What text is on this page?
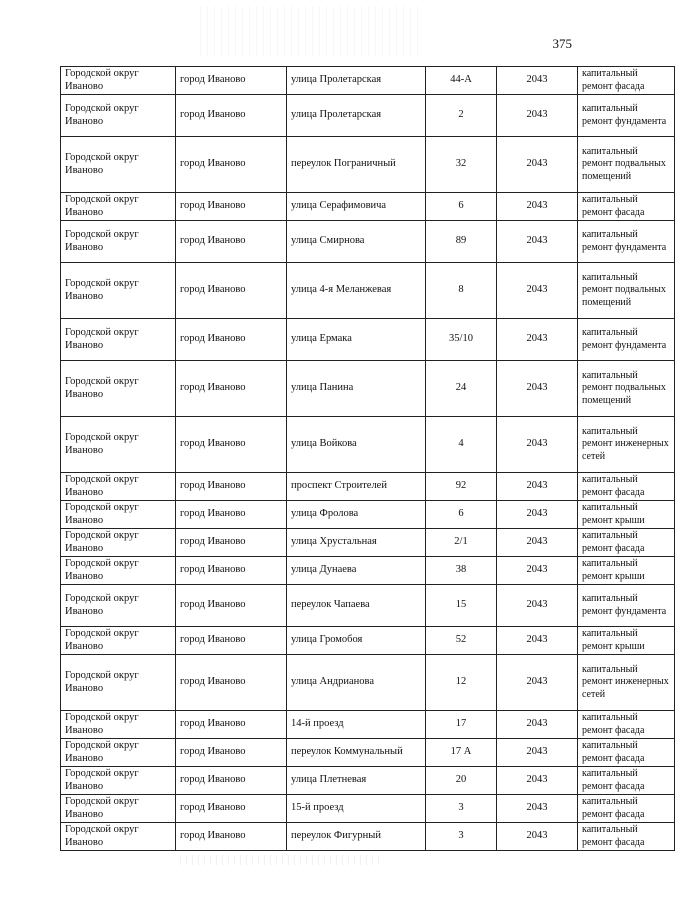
375
Городской округ Иваново	город Иваново	улица Пролетарская	44-А	2043	капитальный ремонт фасада
Городской округ Иваново	город Иваново	улица Пролетарская	2	2043	капитальный ремонт фундамента
Городской округ Иваново	город Иваново	переулок Пограничный	32	2043	капитальный ремонт подвальных помещений
Городской округ Иваново	город Иваново	улица Серафимовича	6	2043	капитальный ремонт фасада
Городской округ Иваново	город Иваново	улица Смирнова	89	2043	капитальный ремонт фундамента
Городской округ Иваново	город Иваново	улица 4-я Меланжевая	8	2043	капитальный ремонт подвальных помещений
Городской округ Иваново	город Иваново	улица Ермака	35/10	2043	капитальный ремонт фундамента
Городской округ Иваново	город Иваново	улица Панина	24	2043	капитальный ремонт подвальных помещений
Городской округ Иваново	город Иваново	улица Войкова	4	2043	капитальный ремонт инженерных сетей
Городской округ Иваново	город Иваново	проспект Строителей	92	2043	капитальный ремонт фасада
Городской округ Иваново	город Иваново	улица Фролова	6	2043	капитальный ремонт крыши
Городской округ Иваново	город Иваново	улица Хрустальная	2/1	2043	капитальный ремонт фасада
Городской округ Иваново	город Иваново	улица Дунаева	38	2043	капитальный ремонт крыши
Городской округ Иваново	город Иваново	переулок Чапаева	15	2043	капитальный ремонт фундамента
Городской округ Иваново	город Иваново	улица Громобоя	52	2043	капитальный ремонт крыши
Городской округ Иваново	город Иваново	улица Андрианова	12	2043	капитальный ремонт инженерных сетей
Городской округ Иваново	город Иваново	14-й проезд	17	2043	капитальный ремонт фасада
Городской округ Иваново	город Иваново	переулок Коммунальный	17 А	2043	капитальный ремонт фасада
Городской округ Иваново	город Иваново	улица Плетневая	20	2043	капитальный ремонт фасада
Городской округ Иваново	город Иваново	15-й проезд	3	2043	капитальный ремонт фасада
Городской округ Иваново	город Иваново	переулок Фигурный	3	2043	капитальный ремонт фасада
